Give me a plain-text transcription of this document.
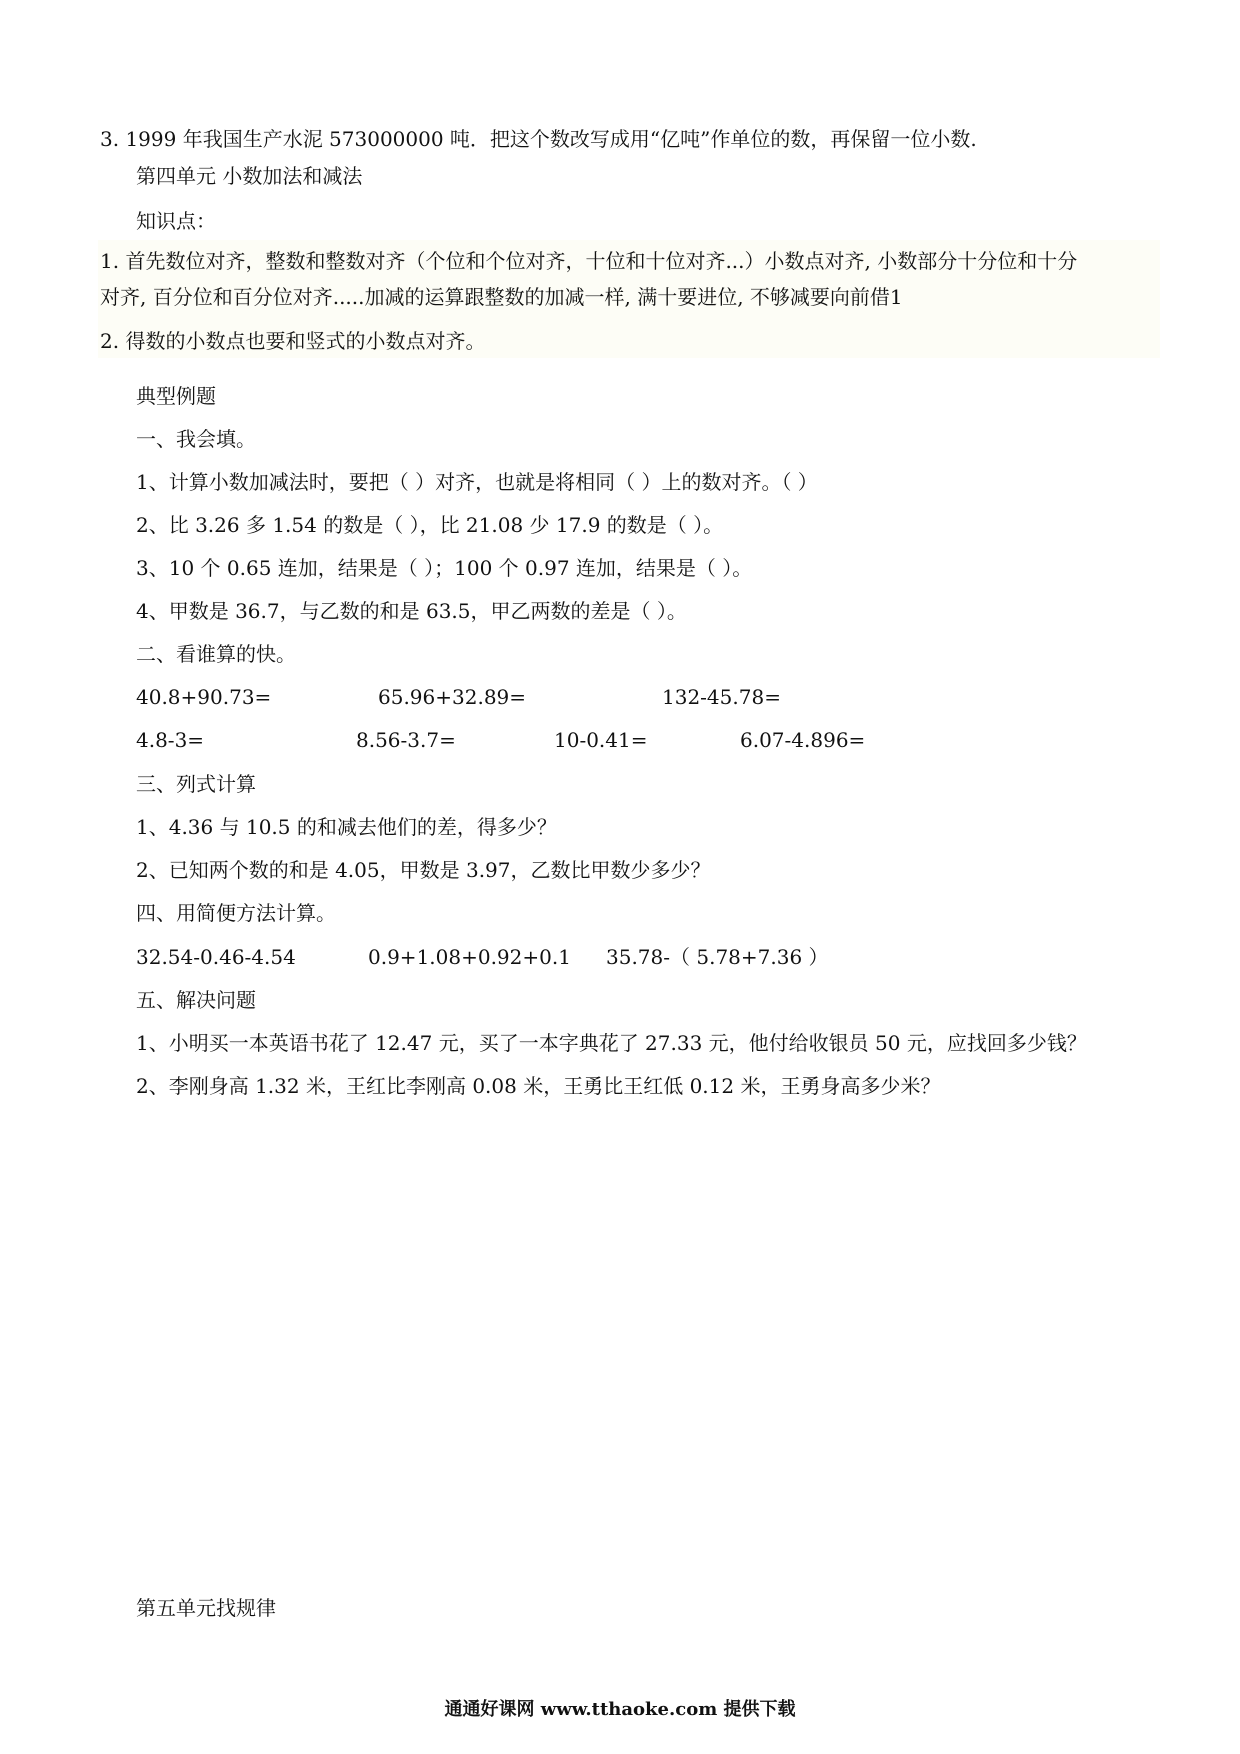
3. 1999 年我国生产水泥 573000000 吨．把这个数改写成用“亿吨”作单位的数，再保留一位小数.
第四单元 小数加法和减法
知识点：
1. 首先数位对齐，整数和整数对齐（个位和个位对齐，十位和十位对齐...）小数点对齐, 小数部分十分位和十分
对齐, 百分位和百分位对齐.....加减的运算跟整数的加减一样, 满十要进位, 不够减要向前借1
2. 得数的小数点也要和竖式的小数点对齐。
典型例题
一、我会填。
1、计算小数加减法时，要把（ ）对齐，也就是将相同（ ）上的数对齐。（ ）
2、比 3.26 多 1.54 的数是（ ），比 21.08 少 17.9 的数是（ ）。
3、10 个 0.65 连加，结果是（ ）；100 个 0.97 连加，结果是（ ）。
4、甲数是 36.7，与乙数的和是 63.5，甲乙两数的差是（ ）。
二、看谁算的快。
40.8+90.73=	65.96+32.89=	132-45.78=
4.8-3=	8.56-3.7=	10-0.41=	6.07-4.896=
三、列式计算
1、4.36 与 10.5 的和减去他们的差，得多少？
2、已知两个数的和是 4.05，甲数是 3.97，乙数比甲数少多少？
四、用简便方法计算。
32.54-0.46-4.54	0.9+1.08+0.92+0.1 35.78-（ 5.78+7.36 ）
五、解决问题
1、小明买一本英语书花了 12.47 元，买了一本字典花了 27.33 元，他付给收银员 50 元，应找回多少钱？
2、李刚身高 1.32 米，王红比李刚高 0.08 米，王勇比王红低 0.12 米，王勇身高多少米？
第五单元找规律
通通好课网 www.tthaoke.com 提供下载
